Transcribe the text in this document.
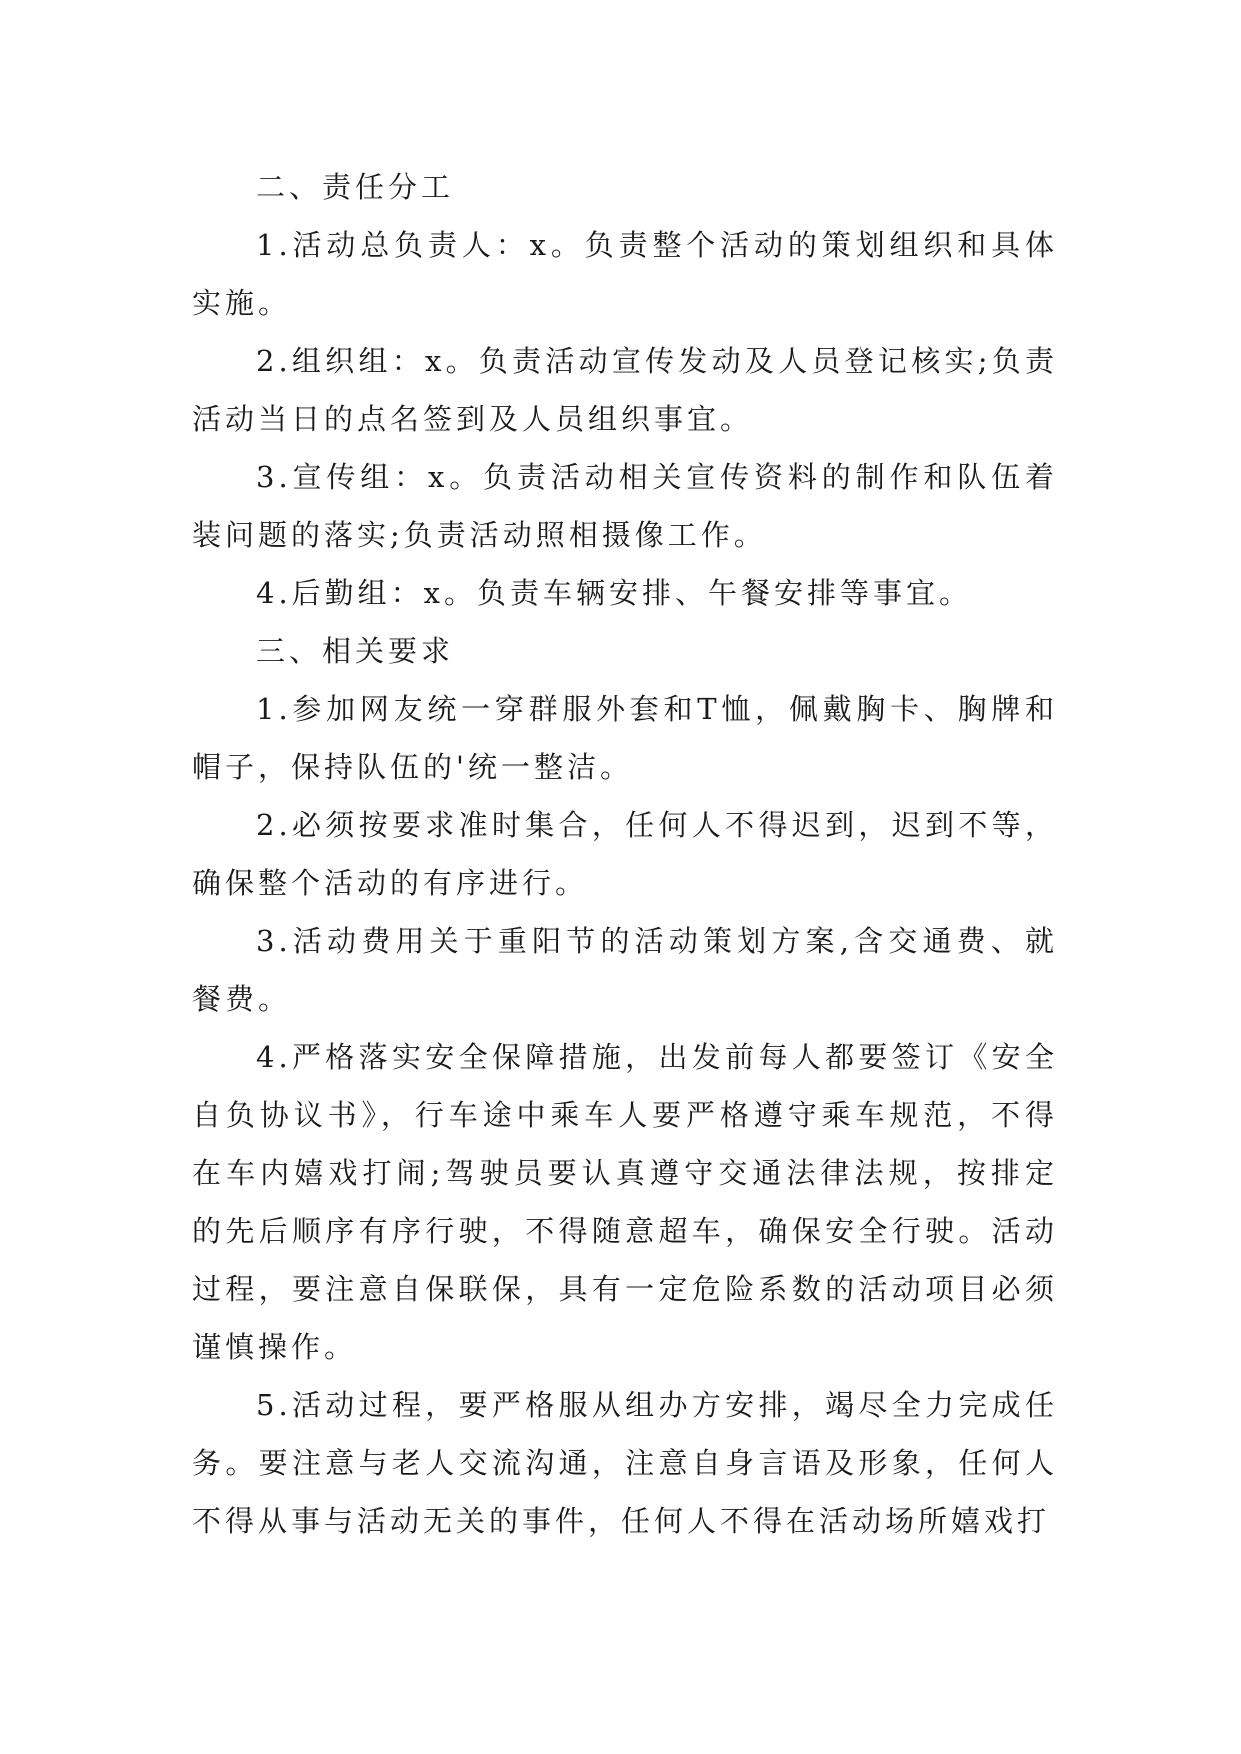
二、责任分工

1.活动总负责人：x。负责整个活动的策划组织和具体实施。

2.组织组：x。负责活动宣传发动及人员登记核实;负责活动当日的点名签到及人员组织事宜。

3.宣传组：x。负责活动相关宣传资料的制作和队伍着装问题的落实;负责活动照相摄像工作。

4.后勤组：x。负责车辆安排、午餐安排等事宜。

三、相关要求

1.参加网友统一穿群服外套和T恤，佩戴胸卡、胸牌和帽子，保持队伍的'统一整洁。

2.必须按要求准时集合，任何人不得迟到，迟到不等，确保整个活动的有序进行。

3.活动费用关于重阳节的活动策划方案,含交通费、就餐费。

4.严格落实安全保障措施，出发前每人都要签订《安全自负协议书》，行车途中乘车人要严格遵守乘车规范，不得在车内嬉戏打闹;驾驶员要认真遵守交通法律法规，按排定的先后顺序有序行驶，不得随意超车，确保安全行驶。活动过程，要注意自保联保，具有一定危险系数的活动项目必须谨慎操作。

5.活动过程，要严格服从组办方安排，竭尽全力完成任务。要注意与老人交流沟通，注意自身言语及形象，任何人不得从事与活动无关的事件，任何人不得在活动场所嬉戏打
